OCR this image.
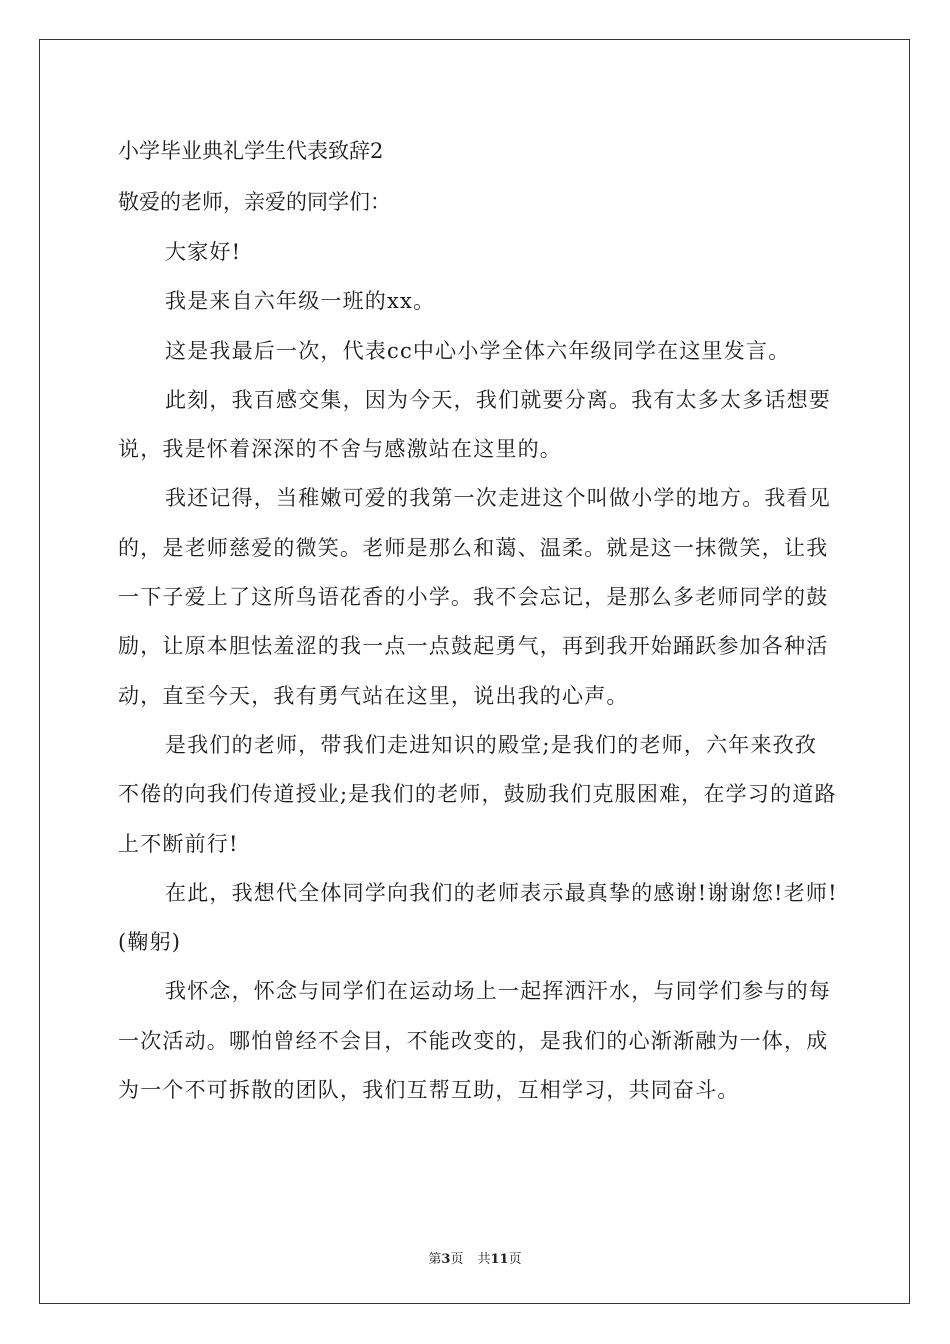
小学毕业典礼学生代表致辞2
敬爱的老师，亲爱的同学们：

大家好!

我是来自六年级一班的xx。

这是我最后一次，代表cc中心小学全体六年级同学在这里发言。

此刻，我百感交集，因为今天，我们就要分离。我有太多太多话想要说，我是怀着深深的不舍与感激站在这里的。

我还记得，当稚嫩可爱的我第一次走进这个叫做小学的地方。我看见的，是老师慈爱的微笑。老师是那么和蔼、温柔。就是这一抹微笑，让我一下子爱上了这所鸟语花香的小学。我不会忘记，是那么多老师同学的鼓励，让原本胆怯羞涩的我一点一点鼓起勇气，再到我开始踊跃参加各种活动，直至今天，我有勇气站在这里，说出我的心声。

是我们的老师，带我们走进知识的殿堂;是我们的老师，六年来孜孜不倦的向我们传道授业;是我们的老师，鼓励我们克服困难，在学习的道路上不断前行!

在此，我想代全体同学向我们的老师表示最真挚的感谢!谢谢您!老师!(鞠躬)

我怀念，怀念与同学们在运动场上一起挥洒汗水，与同学们参与的每一次活动。哪怕曾经不会目，不能改变的，是我们的心渐渐融为一体，成为一个不可拆散的团队，我们互帮互助，互相学习，共同奋斗。

第3页 共11页
